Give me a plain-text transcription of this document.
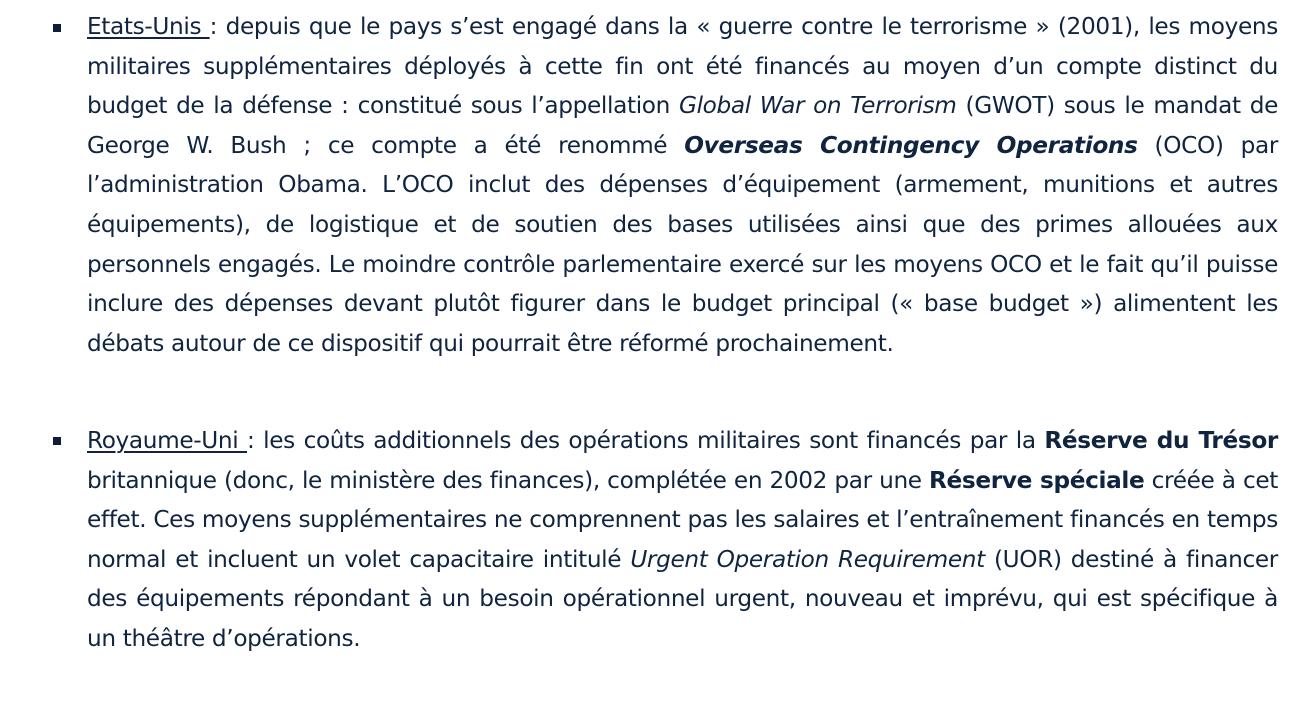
Etats-Unis : depuis que le pays s’est engagé dans la « guerre contre le terrorisme » (2001), les moyens militaires supplémentaires déployés à cette fin ont été financés au moyen d’un compte distinct du budget de la défense : constitué sous l’appellation Global War on Terrorism (GWOT) sous le mandat de George W. Bush ; ce compte a été renommé Overseas Contingency Operations (OCO) par l’administration Obama. L’OCO inclut des dépenses d’équipement (armement, munitions et autres équipements), de logistique et de soutien des bases utilisées ainsi que des primes allouées aux personnels engagés. Le moindre contrôle parlementaire exercé sur les moyens OCO et le fait qu’il puisse inclure des dépenses devant plutôt figurer dans le budget principal (« base budget ») alimentent les débats autour de ce dispositif qui pourrait être réformé prochainement.
Royaume-Uni : les coûts additionnels des opérations militaires sont financés par la Réserve du Trésor britannique (donc, le ministère des finances), complétée en 2002 par une Réserve spéciale créée à cet effet. Ces moyens supplémentaires ne comprennent pas les salaires et l’entraînement financés en temps normal et incluent un volet capacitaire intitulé Urgent Operation Requirement (UOR) destiné à financer des équipements répondant à un besoin opérationnel urgent, nouveau et imprévu, qui est spécifique à un théâtre d’opérations.
